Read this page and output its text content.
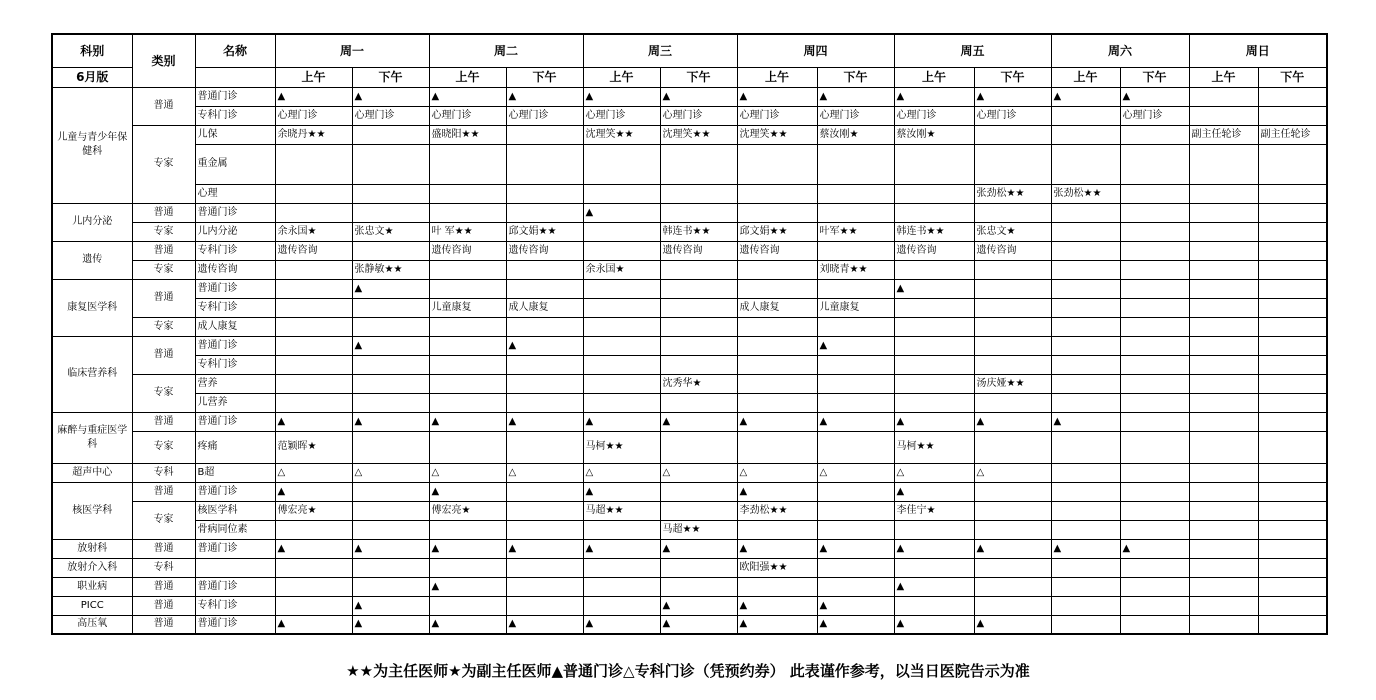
科别	类别	名称	周一		周二		周三		周四		周五		周六		周日	
6月版			上午	下午	上午	下午	上午	下午	上午	下午	上午	下午	上午	下午	上午	下午
儿童与青少年保健科	普通	普通门诊	▲	▲	▲	▲	▲	▲	▲	▲	▲	▲	▲	▲		
		专科门诊	心理门诊	心理门诊	心理门诊	心理门诊	心理门诊	心理门诊	心理门诊	心理门诊	心理门诊	心理门诊		心理门诊		
	专家	儿保	余晓丹★★		盛晓阳★★		沈理笑★★	沈理笑★★	沈理笑★★	蔡汝刚★	蔡汝刚★				副主任轮诊	副主任轮诊
		重金属														
		心理										张劲松★★	张劲松★★			
儿内分泌	普通	普通门诊					▲									
	专家	儿内分泌	余永国★	张忠文★	叶 军★★	邱文娟★★		韩连书★★	邱文娟★★	叶军★★	韩连书★★	张忠文★				
遗传	普通	专科门诊	遗传咨询		遗传咨询	遗传咨询		遗传咨询	遗传咨询		遗传咨询	遗传咨询				
	专家	遗传咨询		张静敏★★			余永国★			刘晓青★★						
康复医学科	普通	普通门诊		▲							▲					
		专科门诊			儿童康复	成人康复			成人康复	儿童康复						
	专家	成人康复														
临床营养科	普通	普通门诊		▲		▲				▲						
		专科门诊														
	专家	营养						沈秀华★				汤庆娅★★				
		儿营养														
麻醉与重症医学科	普通	普通门诊	▲	▲	▲	▲	▲	▲	▲	▲	▲	▲	▲			
	专家	疼痛	范颖晖★				马柯★★				马柯★★					
超声中心	专科	B超	△	△	△	△	△	△	△	△	△	△				
核医学科	普通	普通门诊	▲		▲		▲		▲		▲					
	专家	核医学科	傅宏亮★		傅宏亮★		马超★★		李劲松★★		李佳宁★					
		骨病同位素						马超★★								
放射科	普通	普通门诊	▲	▲	▲	▲	▲	▲	▲	▲	▲	▲	▲	▲		
放射介入科	专科								欧阳强★★							
职业病	普通	普通门诊			▲						▲					
PICC	普通	专科门诊		▲				▲	▲	▲						
高压氧	普通	普通门诊	▲	▲	▲	▲	▲	▲	▲	▲	▲	▲				
★★为主任医师★为副主任医师▲普通门诊△专科门诊（凭预约券） 此表谨作参考，以当日医院告示为准
